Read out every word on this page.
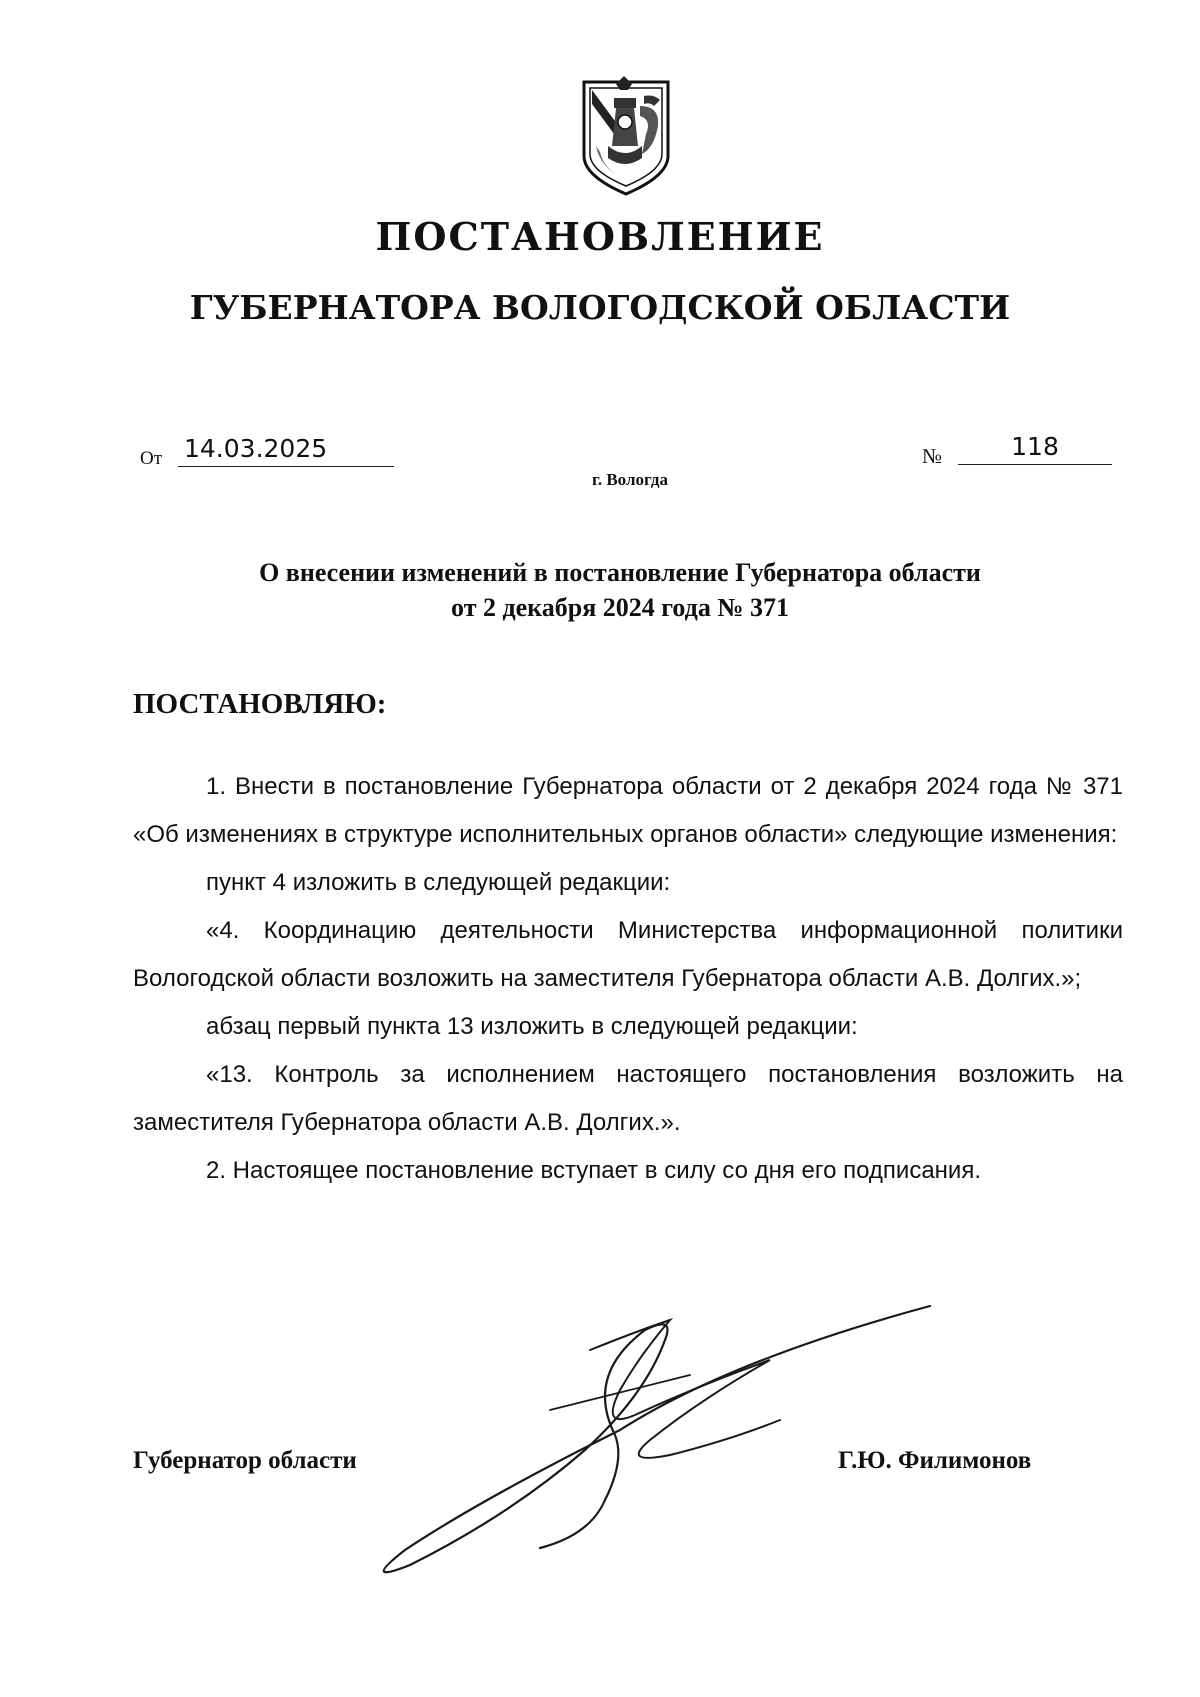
ПОСТАНОВЛЕНИЕ
ГУБЕРНАТОРА ВОЛОГОДСКОЙ ОБЛАСТИ
От 14.03.2025	№	118
г. Вологда
О внесении изменений в постановление Губернатора области
от 2 декабря 2024 года № 371
ПОСТАНОВЛЯЮ:

1. Внести в постановление Губернатора области от 2 декабря 2024 года № 371 «Об изменениях в структуре исполнительных органов области» следующие изменения:

пункт 4 изложить в следующей редакции:

«4. Координацию деятельности Министерства информационной политики Вологодской области возложить на заместителя Губернатора области А.В. Долгих.»;

абзац первый пункта 13 изложить в следующей редакции:

«13. Контроль за исполнением настоящего постановления возложить на заместителя Губернатора области А.В. Долгих.».

2. Настоящее постановление вступает в силу со дня его подписания.

Губернатор области	Г.Ю. Филимонов
